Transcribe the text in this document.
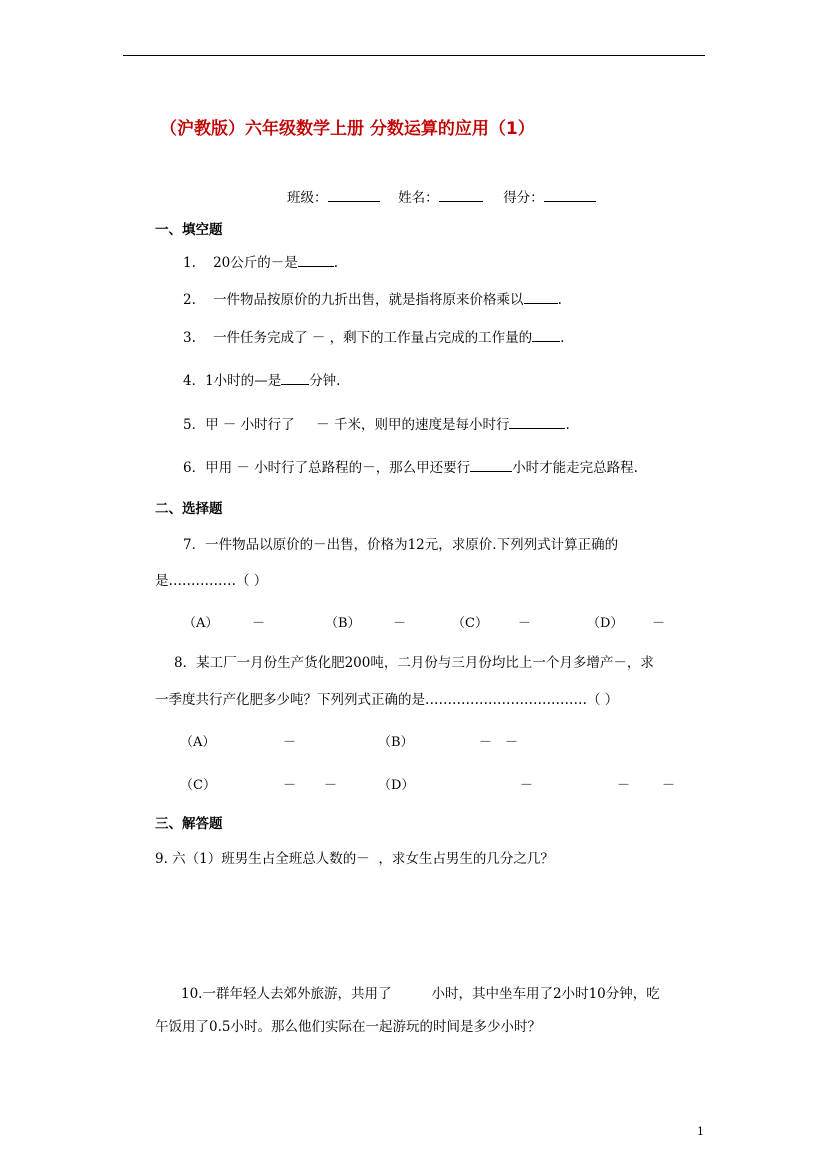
（沪教版）六年级数学上册 分数运算的应用（1）
班级：	姓名：	得分：
一、填空题
1. 20公斤的－是	.
2. 一件物品按原价的九折出售，就是指将原来价格乘以	.
3. 一件任务完成了 － ，剩下的工作量占完成的工作量的 .
4．1小时的—是 分钟.
5．甲 － 小时行了 － 千米，则甲的速度是每小时行	.
6．甲用 － 小时行了总路程的－，那么甲还要行	小时才能走完总路程.
二、选择题
7．一件物品以原价的－出售，价格为12元，求原价.下列列式计算正确的
是……………（ ）
（A）	－	（B） －	（C） －	（D） －
8．某工厂一月份生产货化肥200吨，二月份与三月份均比上一个月多增产－，求
一季度共行产化肥多少吨？下列列式正确的是………………………………（ ）
（A）	－	（B）	－ －
（C）	－ －	（D）	－	－ －
三、解答题
9. 六（1）班男生占全班总人数的－ ，求女生占男生的几分之几？
10.一群年轻人去郊外旅游，共用了	小时，其中坐车用了2小时10分钟，吃
午饭用了0.5小时。那么他们实际在一起游玩的时间是多少小时？
1
